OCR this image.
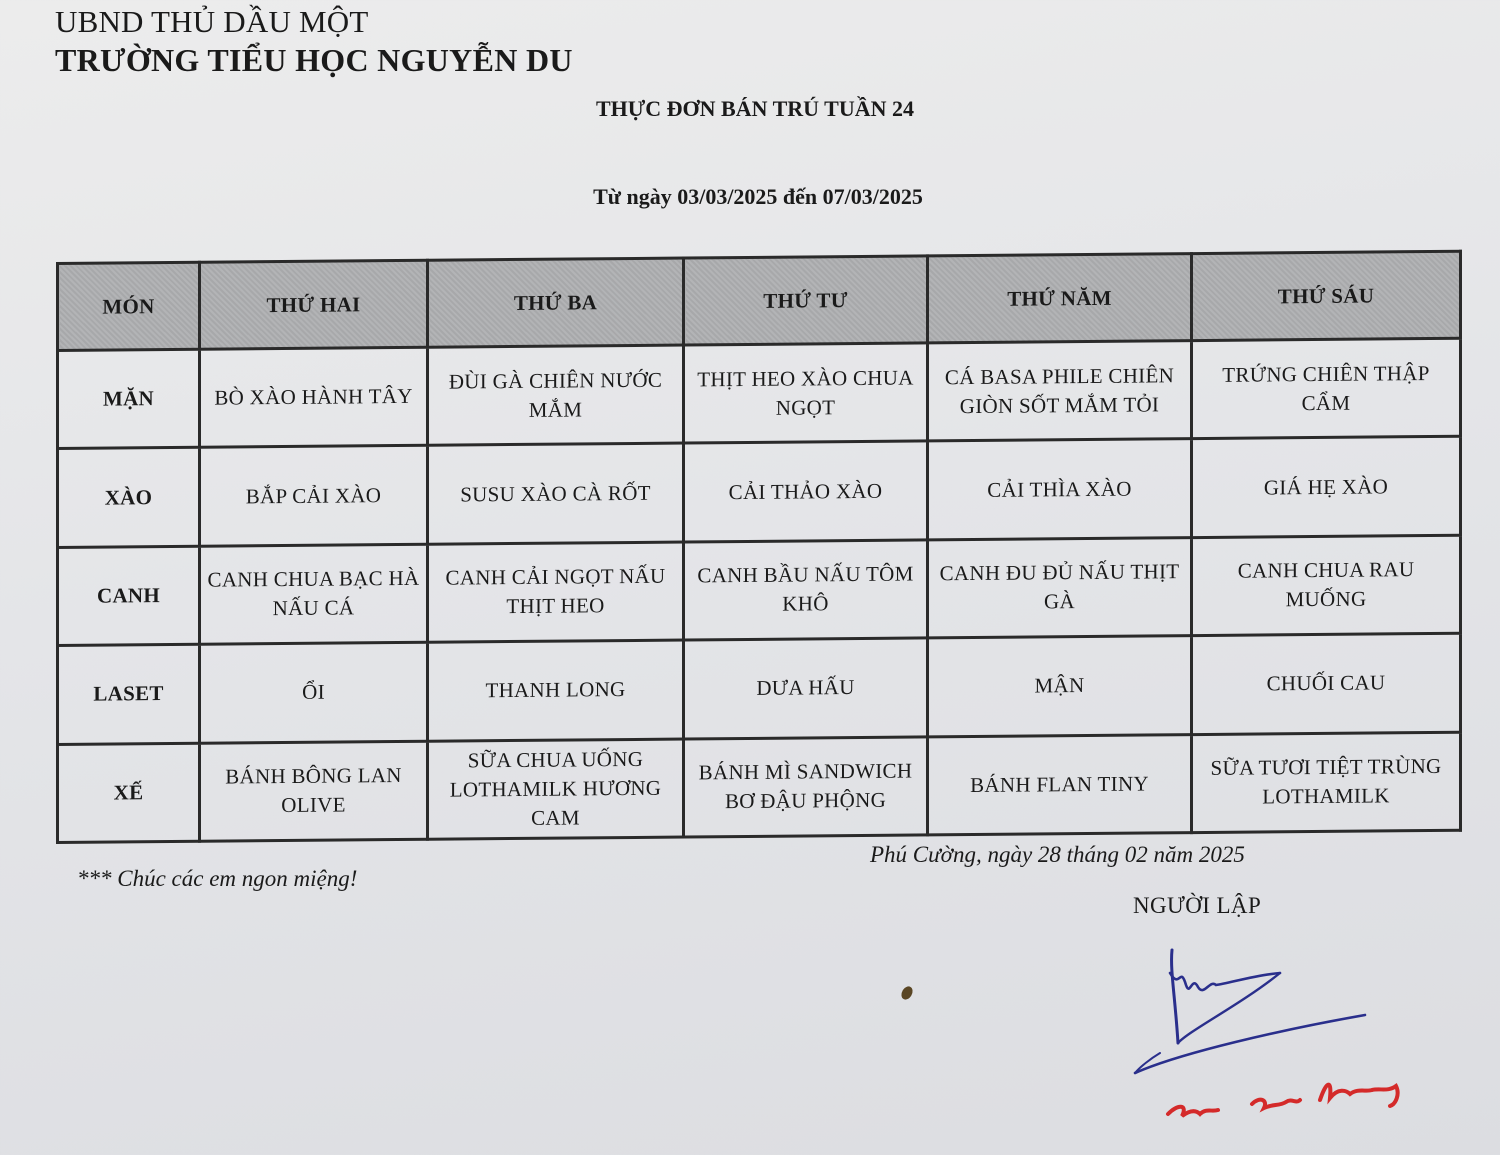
UBND THỦ DẦU MỘT
TRƯỜNG TIỂU HỌC NGUYỄN DU
THỰC ĐƠN BÁN TRÚ TUẦN 24
Từ ngày 03/03/2025 đến 07/03/2025
MÓN	THỨ HAI	THỨ BA	THỨ TƯ	THỨ NĂM	THỨ SÁU
MẶN	BÒ XÀO HÀNH TÂY	ĐÙI GÀ CHIÊN NƯỚC MẮM	THỊT HEO XÀO CHUA NGỌT	CÁ BASA PHILE CHIÊN GIÒN SỐT MẮM TỎI	TRỨNG CHIÊN THẬP CẨM
XÀO	BẮP CẢI XÀO	SUSU XÀO CÀ RỐT	CẢI THẢO XÀO	CẢI THÌA XÀO	GIÁ HẸ XÀO
CANH	CANH CHUA BẠC HÀ NẤU CÁ	CANH CẢI NGỌT NẤU THỊT HEO	CANH BẦU NẤU TÔM KHÔ	CANH ĐU ĐỦ NẤU THỊT GÀ	CANH CHUA RAU MUỐNG
LASET	ỔI	THANH LONG	DƯA HẤU	MẬN	CHUỐI CAU
XẾ	BÁNH BÔNG LAN OLIVE	SỮA CHUA UỐNG LOTHAMILK HƯƠNG CAM	BÁNH MÌ SANDWICH BƠ ĐẬU PHỘNG	BÁNH FLAN TINY	SỮA TƯƠI TIỆT TRÙNG LOTHAMILK
*** Chúc các em ngon miệng!
Phú Cường, ngày 28 tháng 02 năm 2025
NGƯỜI LẬP
